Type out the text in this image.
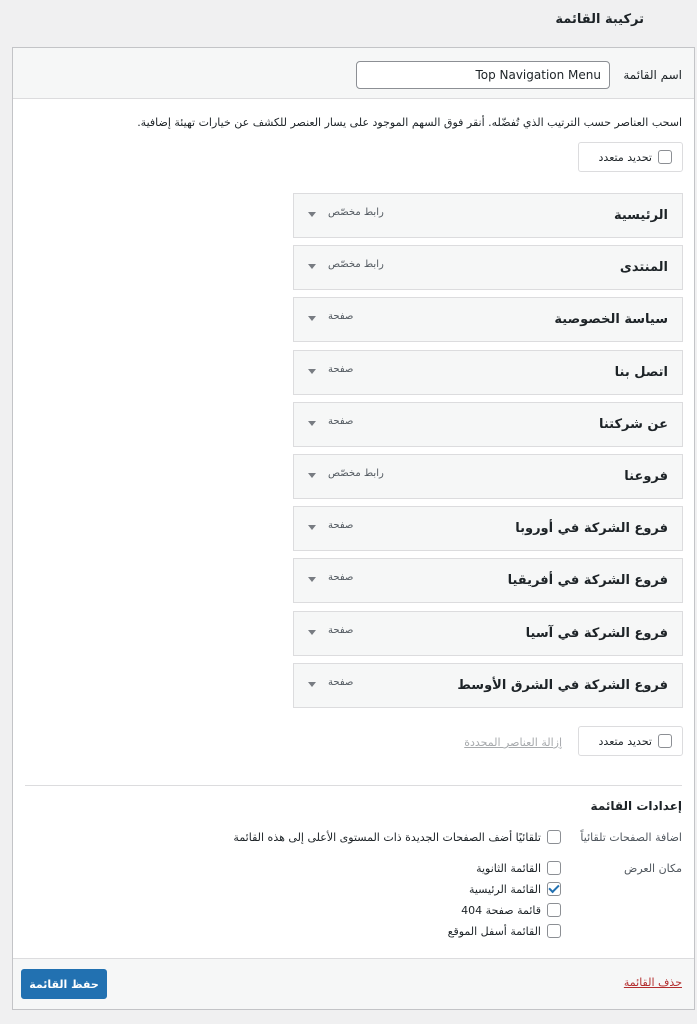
تركيبة القائمة
اسم القائمة
Top Navigation Menu
اسحب العناصر حسب الترتيب الذي تُفضّله. أنقر فوق السهم الموجود على يسار العنصر للكشف عن خيارات تهيئة إضافية.
تحديد متعدد
الرئيسية
رابط مخصّص
المنتدى
رابط مخصّص
سياسة الخصوصية
صفحة
اتصل بنا
صفحة
عن شركتنا
صفحة
فروعنا
رابط مخصّص
فروع الشركة في أوروبا
صفحة
فروع الشركة في أفريقيا
صفحة
فروع الشركة في آسيا
صفحة
فروع الشركة في الشرق الأوسط
صفحة
تحديد متعدد
إزالة العناصر المحددة
إعدادات القائمة
اضافة الصفحات تلقائياً
تلقائيًا أضف الصفحات الجديدة ذات المستوى الأعلى إلى هذه القائمة
مكان العرض
القائمة الثانوية
القائمة الرئيسية
قائمة صفحة 404
القائمة أسفل الموقع
حذف القائمة
حفظ القائمة
